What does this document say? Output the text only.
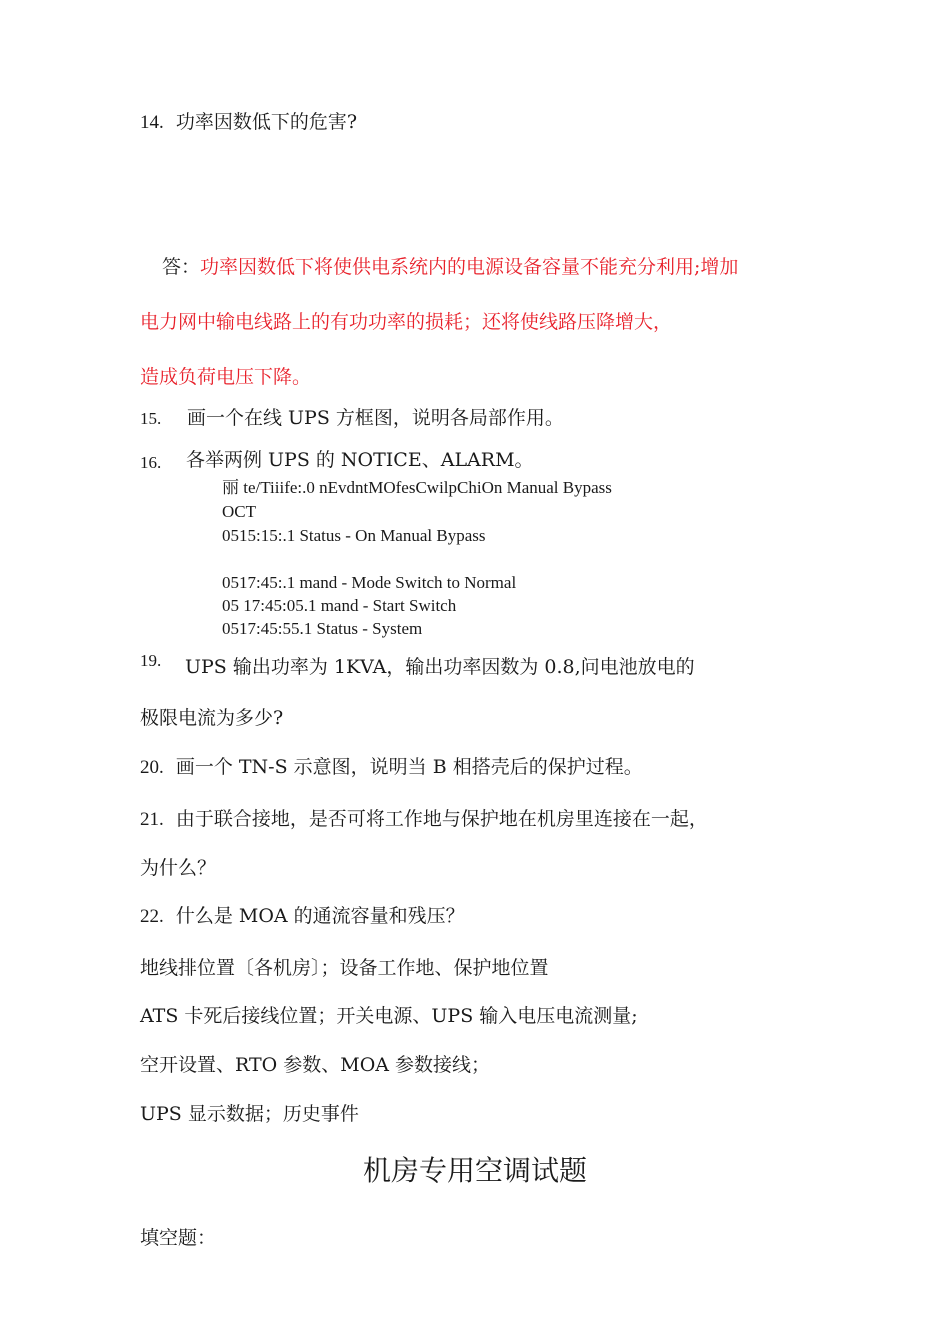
14. 功率因数低下的危害?
答：功率因数低下将使供电系统内的电源设备容量不能充分利用;增加
电力网中输电线路上的有功功率的损耗；还将使线路压降增大，
造成负荷电压下降。
15. 画一个在线 UPS 方框图，说明各局部作用。
16. 各举两例 UPS 的 NOTICE、ALARM。
丽 te/Tiiife:.0 nEvdntMOfesCwilpChiOn Manual Bypass
OCT
0515:15:.1 Status - On Manual Bypass
0517:45:.1 mand - Mode Switch to Normal
05 17:45:05.1 mand - Start Switch
0517:45:55.1 Status - System
19. UPS 输出功率为 1KVA，输出功率因数为 0.8,问电池放电的
极限电流为多少?
20. 画一个 TN-S 示意图，说明当 B 相搭壳后的保护过程。
21. 由于联合接地，是否可将工作地与保护地在机房里连接在一起，
为什么？
22. 什么是 MOA 的通流容量和残压？
地线排位置〔各机房〕；设备工作地、保护地位置
ATS 卡死后接线位置；开关电源、UPS 输入电压电流测量;
空开设置、RTO 参数、MOA 参数接线；
UPS 显示数据；历史事件
机房专用空调试题
填空题：
